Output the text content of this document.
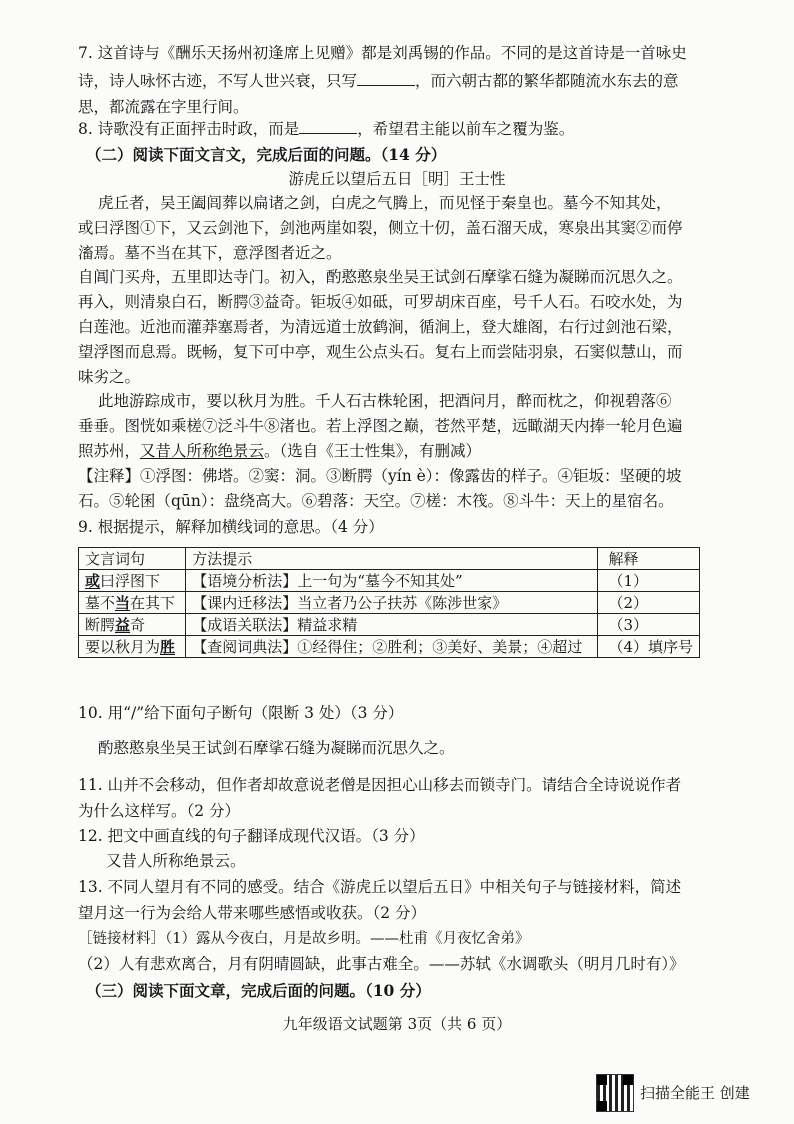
7. 这首诗与《酬乐天扬州初逢席上见赠》都是刘禹锡的作品。不同的是这首诗是一首咏史
诗，诗人咏怀古迹，不写人世兴衰，只写	，而六朝古都的繁华都随流水东去的意
思，都流露在字里行间。
8. 诗歌没有正面抨击时政，而是	，希望君主能以前车之覆为鉴。
（二）阅读下面文言文，完成后面的问题。（14 分）
游虎丘以望后五日［明］王士性
虎丘者，吴王阖闾葬以扁诸之剑，白虎之气腾上，而见怪于秦皇也。墓今不知其处，
或曰浮图①下，又云剑池下，剑池两崖如裂，侧立十仞，盖石溜天成，寒泉出其窦②而停
滀焉。墓不当在其下，意浮图者近之。
自阊门买舟，五里即达寺门。初入，酌憨憨泉坐吴王试剑石摩挲石缝为凝睇而沉思久之。
再入，则清泉白石，断腭③益奇。钜坂④如砥，可罗胡床百座，号千人石。石咬水处，为
白莲池。近池而灌莽塞焉者，为清远道士放鹤涧，循涧上，登大雄阁，右行过剑池石梁，
望浮图而息焉。既畅，复下可中亭，观生公点头石。复右上而尝陆羽泉，石窦似慧山，而
味劣之。
此地游踪成市，要以秋月为胜。千人石古株轮囷，把酒问月，醉而枕之，仰视碧落⑥
垂垂。图恍如乘槎⑦泛斗牛⑧渚也。若上浮图之巅，苍然平楚，远瞰湖天内捧一轮月色遍
照苏州，又昔人所称绝景云。（选自《王士性集》，有删减）
【注释】①浮图：佛塔。②窦：洞。③断腭（yín è）：像露齿的样子。④钜坂：坚硬的坡
石。⑤轮囷（qūn）：盘绕高大。⑥碧落：天空。⑦槎：木筏。⑧斗牛：天上的星宿名。
9. 根据提示，解释加横线词的意思。（4 分）
文言词句	方法提示	解释
或曰浮图下	【语境分析法】上一句为“墓今不知其处”	（1）
墓不当在其下	【课内迁移法】当立者乃公子扶苏《陈涉世家》	（2）
断腭益奇	【成语关联法】精益求精	（3）
要以秋月为胜	【查阅词典法】①经得住；②胜利；③美好、美景；④超过	（4）填序号
10. 用“/”给下面句子断句（限断 3 处）（3 分）
酌憨憨泉坐吴王试剑石摩挲石缝为凝睇而沉思久之。
11. 山并不会移动，但作者却故意说老僧是因担心山移去而锁寺门。请结合全诗说说作者
为什么这样写。（2 分）
12. 把文中画直线的句子翻译成现代汉语。（3 分）
又昔人所称绝景云。
13. 不同人望月有不同的感受。结合《游虎丘以望后五日》中相关句子与链接材料，简述
望月这一行为会给人带来哪些感悟或收获。（2 分）
［链接材料］（1）露从今夜白，月是故乡明。——杜甫《月夜忆舍弟》
（2）人有悲欢离合，月有阴晴圆缺，此事古难全。——苏轼《水调歌头（明月几时有）》
（三）阅读下面文章，完成后面的问题。（10 分）
九年级语文试题第 3页（共 6 页）
扫描全能王 创建
